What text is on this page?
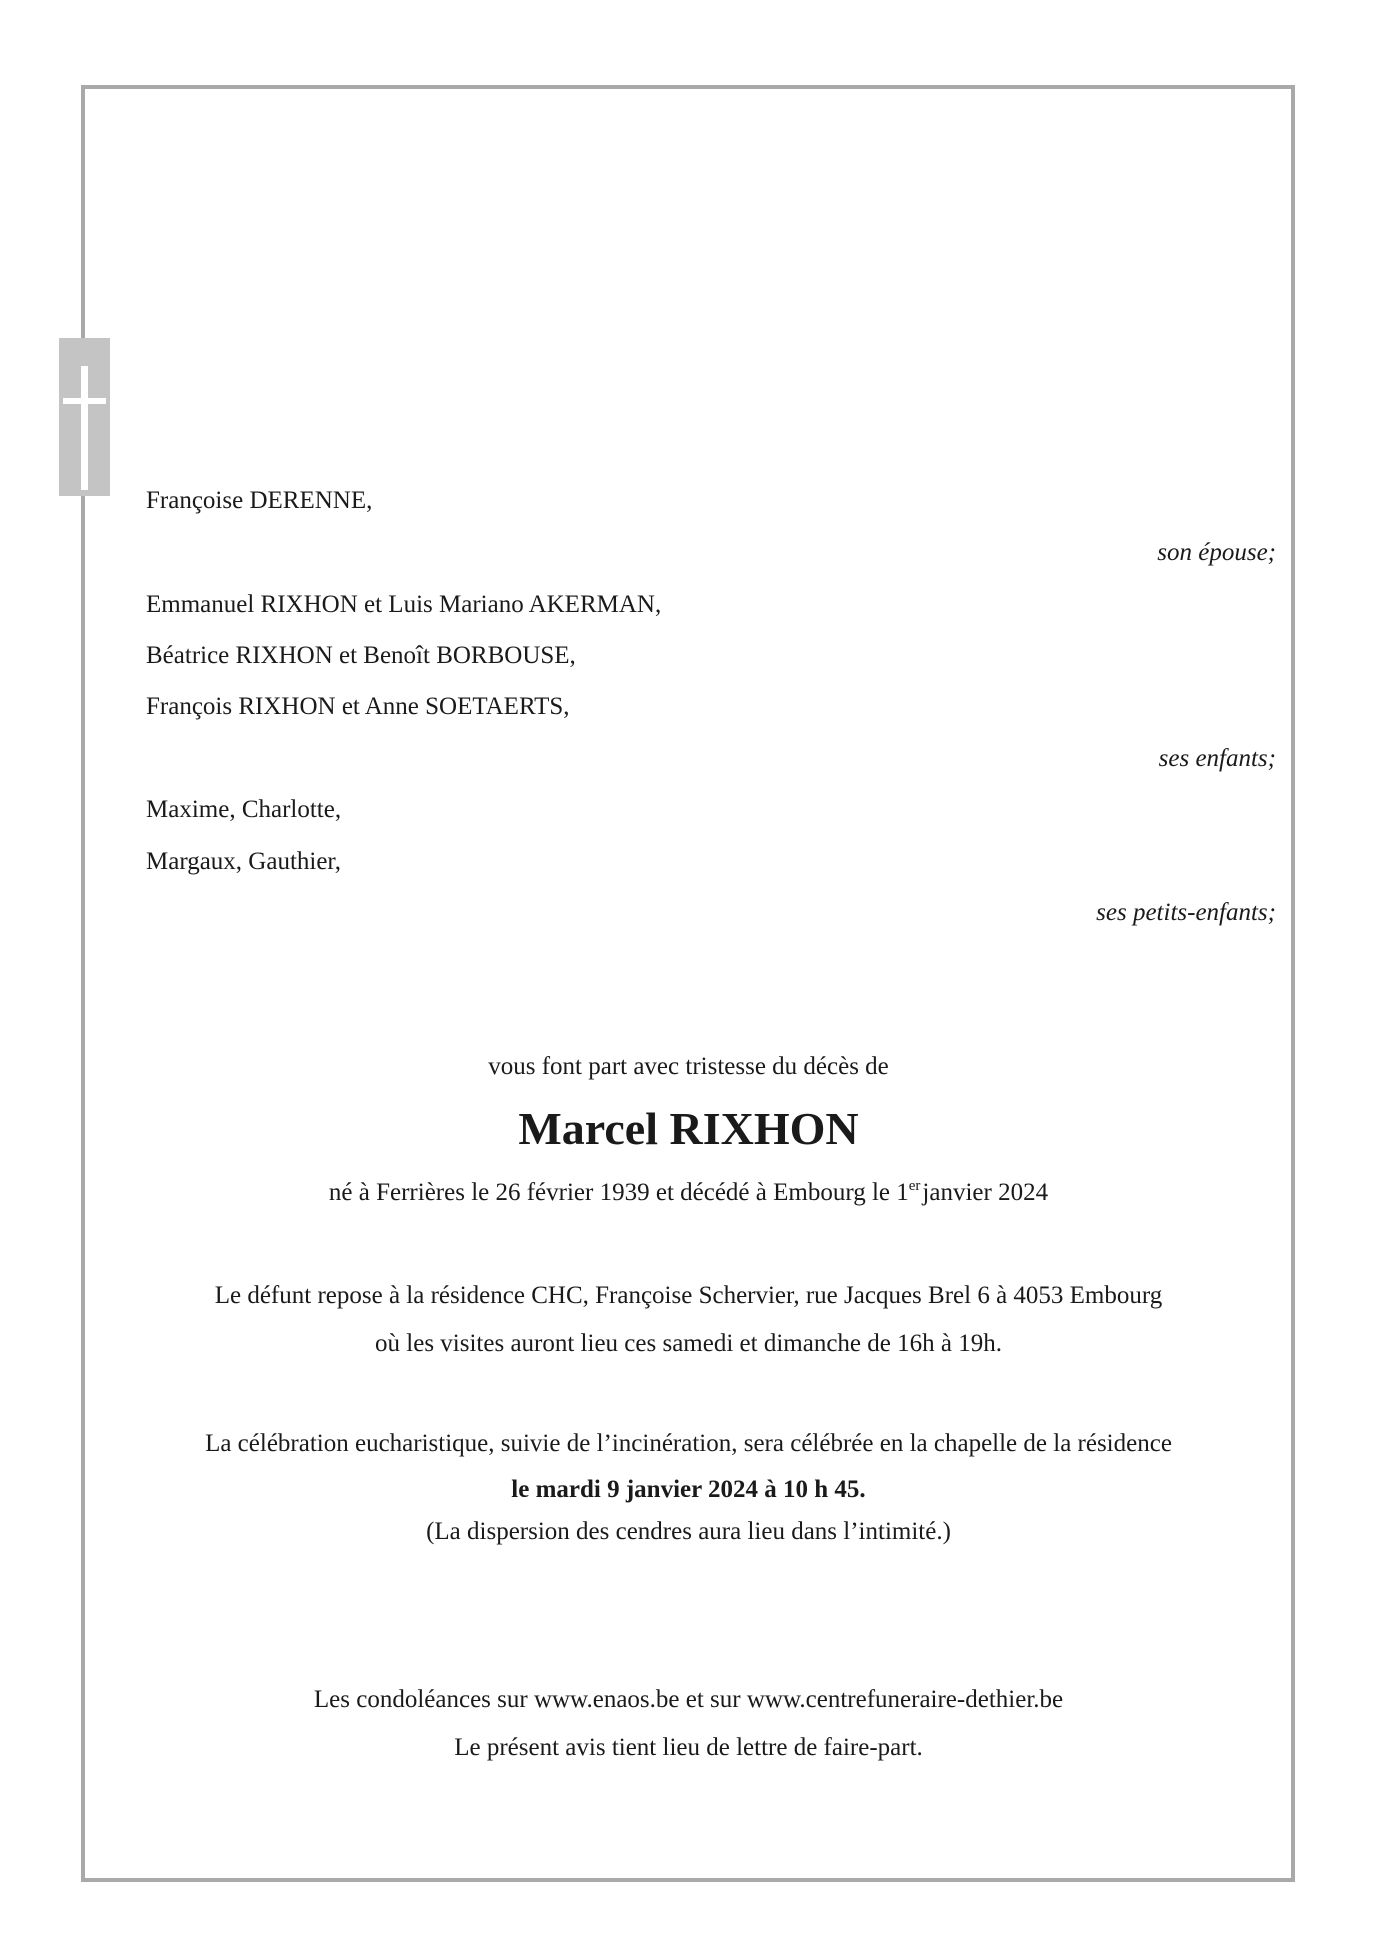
Françoise DERENNE,
son épouse;
Emmanuel RIXHON et Luis Mariano AKERMAN,
Béatrice RIXHON et Benoît BORBOUSE,
François RIXHON et Anne SOETAERTS,
ses enfants;
Maxime, Charlotte,
Margaux, Gauthier,
ses petits-enfants;
vous font part avec tristesse du décès de
Marcel RIXHON
né à Ferrières le 26 février 1939 et décédé à Embourg le 1erjanvier 2024
Le défunt repose à la résidence CHC, Françoise Schervier, rue Jacques Brel 6 à 4053 Embourg
où les visites auront lieu ces samedi et dimanche de 16h à 19h.
La célébration eucharistique, suivie de l’incinération, sera célébrée en la chapelle de la résidence
le mardi 9 janvier 2024 à 10 h 45.
(La dispersion des cendres aura lieu dans l’intimité.)
Les condoléances sur www.enaos.be et sur www.centrefuneraire-dethier.be
Le présent avis tient lieu de lettre de faire-part.
